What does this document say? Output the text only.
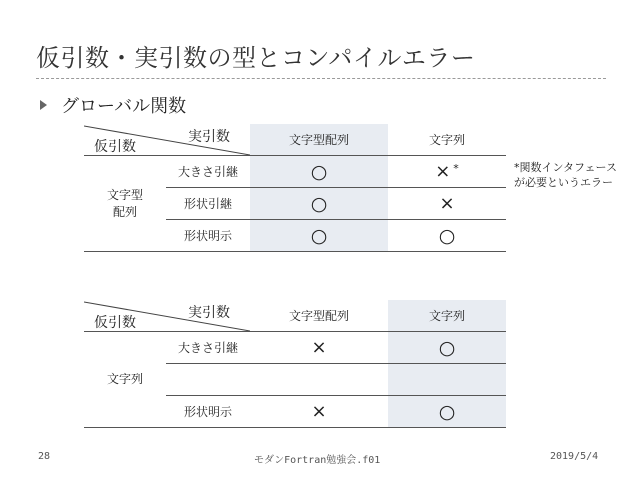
仮引数・実引数の型とコンパイルエラー
グローバル関数
実引数
仮引数		文字型配列	文字列
文字型
配列	大きさ引継	○	× *
	形状引継	○	×
	形状明示	○	○
*関数インタフェース
が必要というエラー
実引数
仮引数		文字型配列	文字列
文字列	大きさ引継	×	○

	形状明示	×	○
28	モダンFortran勉強会.f01	2019/5/4
